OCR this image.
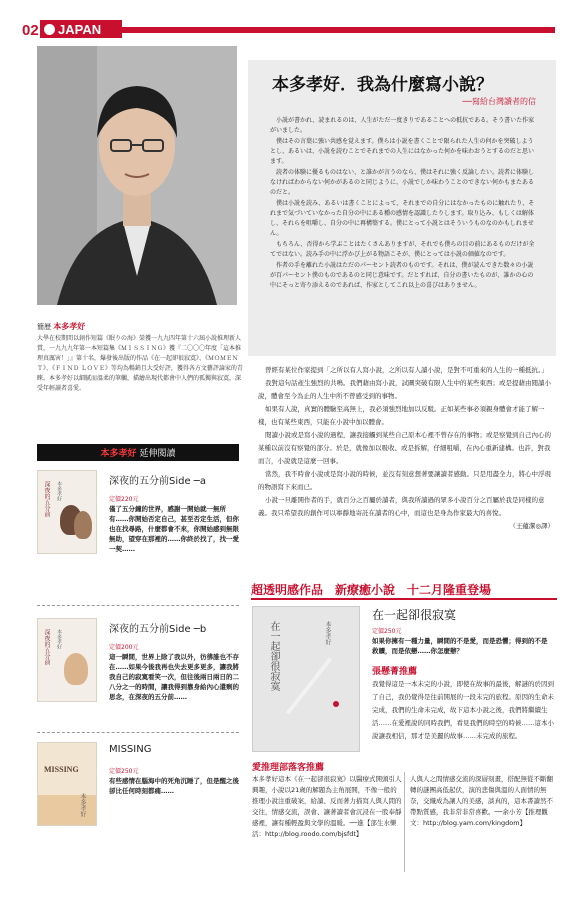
02 JAPAN
簡歷 本多孝好
大學在校期間以創作短篇《眠りの海》榮獲一九九四年第十六屆小說推理新人賞，一九九九年第一本短篇集《ＭＩＳＳＩＮＧ》獲『二〇〇〇年度「這本推理真厲害！」』第十名，爆發後出版的作品《在一起卻很寂寞》、《ＭＯＭＥＮＴ》、《ＦＩＮＤ ＬＯＶＥ》等均為暢銷且大受好評，獲得各方文藝評論家的青睞。本多孝好以細膩而溫柔的筆觸，描繪出現代都會中人們的孤獨與寂寞，深受年輕讀者喜愛。
本多孝好 延伸閱讀
深夜的五分前 本多孝好	深夜的五分前Side ─a
定價220元
僅了五分鐘的世界，感謝一開始就一無所有……你開始否定自己，甚至否定生活，但你也在找尋路，什麼都會不來，你開始感到無限無助，望穿在那裡的……你終於找了，找一愛一契……
深夜的五分前 本多孝好	深夜的五分前Side ─b
定價200元
這一瞬間，世界上除了我以外，彷彿誰也不存在……如果今後我再也失去更多更多，讓我將我自己的寂寞看笑一次，但往後兩日兩日的二八分之一的時間，讓我得到靠身給內心還剩的思念，在深夜的五分前……
MISSING
本多孝好
MISSING
定價250元
有些感情在腦海中的死角沉睡了，但是醒之後卻比任何時刻都痛……
本多孝好．我為什麼寫小說？
──寫給台灣讀者的信

小説が書かれ、読まれるのは、人生がただ一度きりであることへの抵抗である。そう書いた作家がいました。

僕はその言葉に強い共感を覚えます。僕らは小説を書くことで限られた人生の何かを突破しようとし、あるいは、小説を読むことでそれまでの人生にはなかった何かを味わおうとするのだと思います。

読者の体験に優るものはない、と誰かが言うのなら、僕はそれに強く反論したい。読者に体験しなければわからない何かがあるのと同じように、小説でしか味わうことのできない何かもまたあるのだと。

僕は小説を読み、あるいは書くことによって、それまでの自分にはなかったものに触れたり、それまで気づいていなかった自分の中にある種の感情を認識したりします。取り込み、もしくは解体し、それらを咀嚼し、自分の中に再構築する。僕にとって小説とはそういうものなのかもしれません。

もちろん、否得から学ぶことはたくさんありますが、それでも僕らの目の前にあるものだけが全てではない。読み手の中に浮かび上がる物語こそが、僕にとっては小説の価値なのです。

作者の手を離れた小説はただのパーセント読者のものです。それは、僕が読んできた数々の小説が百パーセント僕のものであるのと同じ意味です。だとすれば、自分の書いたものが、誰かの心の中にそっと寄り添えるのであれば、作家としてこれ以上の喜びはありません。

曾經有某位作家提到「之所以有人寫小說，之所以有人讀小說，是對不可重來的人生的一種抵抗。」

我對這句話產生強烈的共鳴。我們藉由寫小說，試圖突破有限人生中的某些東西；或是提藉由閱讀小說，體會至今為止的人生中所不曾感受到的事物。

如果有人說，真實的體驗至高無上，我必須強烈地加以反駁。正如某些事必須親身體會才能了解一樣，也有某些東西，只能在小說中加以體會。

閱讀小說或是寫小說的過程，讓我接觸到某些自己原本心裡不曾存在的事物；或是察覺到自己內心的某種以前沒有察覺的部分。於是，就像加以吸收、或是拆解，仔細咀嚼，在內心重新建構。也許，對我而言，小說就是這麼一回事。

當然，我不時會小說或是寫小說的時候，並沒有刻意想著要讓讀者感動。只是用盡全力，將心中浮現的物語寫下來而已。

小說一旦離開作者的手，就百分之百屬於讀者，與我所讀過的眾多小說百分之百屬於我是同樣的意義。我只希望我的創作可以寧靜地寄託在讀者的心中，而這也是身為作家最大的喜悅。

（王蘊潔◎譯）

超透明感作品　新療癒小說　十二月隆重登場
在一起卻很寂寞	本多孝好
在一起卻很寂寞
定價250元
如果你擁有一種力量，瞬間的不是愛，而是恐懼；得到的不是救贖，而是依戀……你怎麼辦？
張懸菁推薦
我覺得這是一本未完的小說，即使在故事的最後，解謎的於因到了自己，我仍覺得是往前開展的一段未完的旅程。原因的生命未完成，我們的生命未完成，故下這本小說之後，我們將繼續生活……在愛裡說的同時我們，看見我們的時空的時候……這本小說讓我相信，那才是美麗的故事……未完成的旅程。
愛推理部落客推薦
本多孝好這本《在一起卻很寂寞》以醫療式開頭引人興趣，小說以21歲的解題為主角展開，不像一般的推理小說注重破案，給讀、反而著力描寫人與人間的交往，情感交流，誤會、讓著讀者會沉浸在一股奉靜感裡，讓有種輕盈與文學的溫暖。──進【部生水樂活：http://blog.roodo.com/bjsfdt】
人與人之間情感交流的深層刻畫，搭配無從不斷翻轉的謎團高低起伏，演的悲傷與溫的人面情的無奈，交織成為讓人的美感，談真的，這本書讀然不帶點質感，我非常非常喜歡。──余小芳【推理觀文：http://blog.yam.com/kingdom】
